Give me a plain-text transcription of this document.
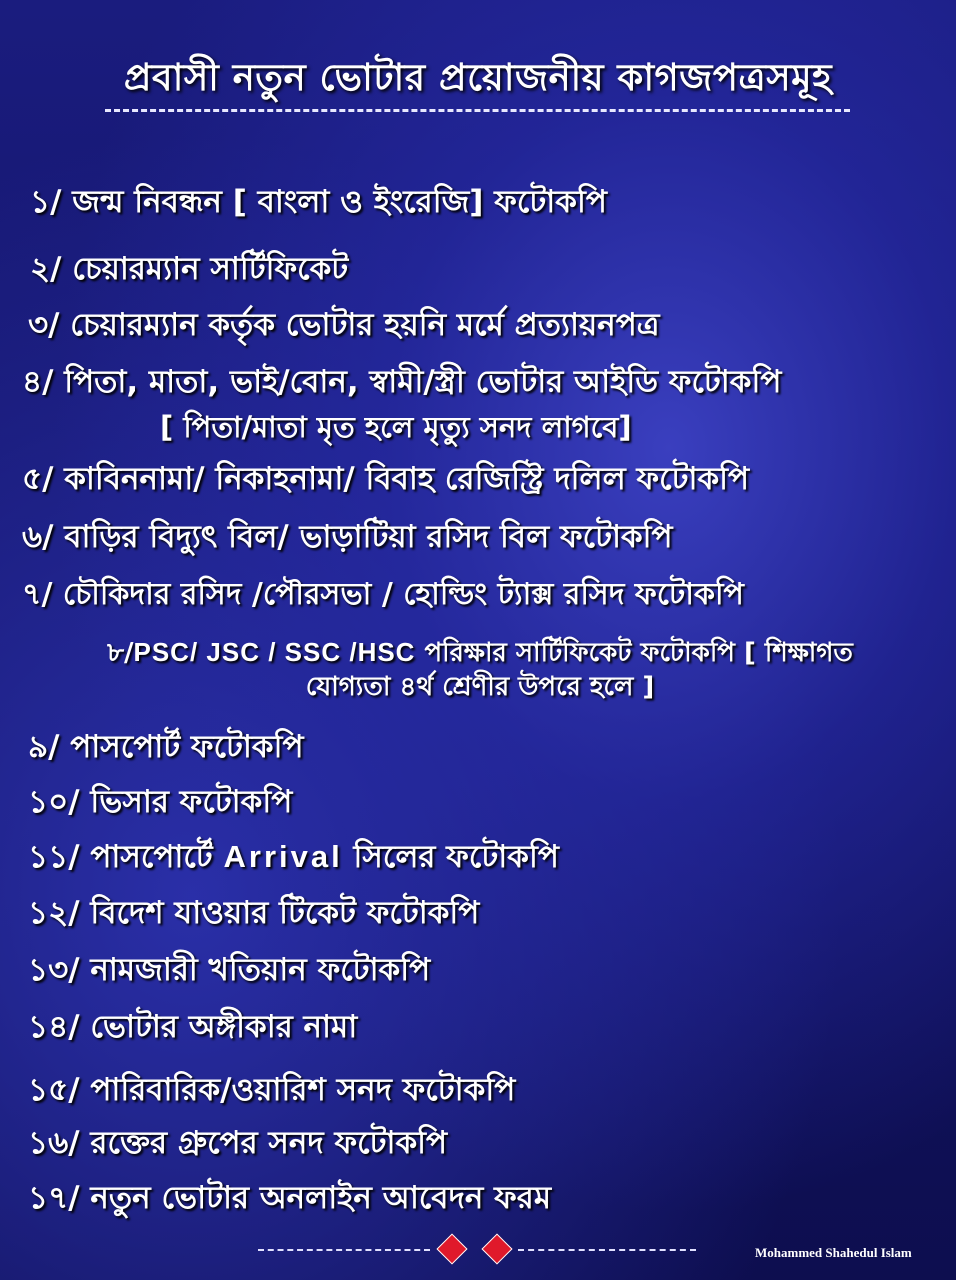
প্রবাসী নতুন ভোটার প্রয়োজনীয় কাগজপত্রসমূহ
১/ জন্ম নিবন্ধন [ বাংলা ও ইংরেজি] ফটোকপি
২/ চেয়ারম্যান সার্টিফিকেট
৩/ চেয়ারম্যান কর্তৃক ভোটার হয়নি মর্মে প্রত্যায়নপত্র
৪/ পিতা, মাতা, ভাই/বোন, স্বামী/স্ত্রী ভোটার আইডি ফটোকপি
[ পিতা/মাতা মৃত হলে মৃত্যু সনদ লাগবে]
৫/ কাবিননামা/ নিকাহনামা/ বিবাহ রেজিস্ট্রি দলিল ফটোকপি
৬/ বাড়ির বিদ্যুৎ বিল/ ভাড়াটিয়া রসিদ বিল ফটোকপি
৭/ চৌকিদার রসিদ /পৌরসভা / হোল্ডিং ট্যাক্স রসিদ ফটোকপি
৮/PSC/ JSC / SSC /HSC পরিক্ষার সার্টিফিকেট ফটোকপি [ শিক্ষাগত
যোগ্যতা ৪র্থ শ্রেণীর উপরে হলে ]
৯/ পাসপোর্ট ফটোকপি
১০/ ভিসার ফটোকপি
১১/ পাসপোর্টে Arrival সিলের ফটোকপি
১২/ বিদেশ যাওয়ার টিকেট ফটোকপি
১৩/ নামজারী খতিয়ান ফটোকপি
১৪/ ভোটার অঙ্গীকার নামা
১৫/ পারিবারিক/ওয়ারিশ সনদ ফটোকপি
১৬/ রক্তের গ্রুপের সনদ ফটোকপি
১৭/ নতুন ভোটার অনলাইন আবেদন ফরম
Mohammed Shahedul Islam
